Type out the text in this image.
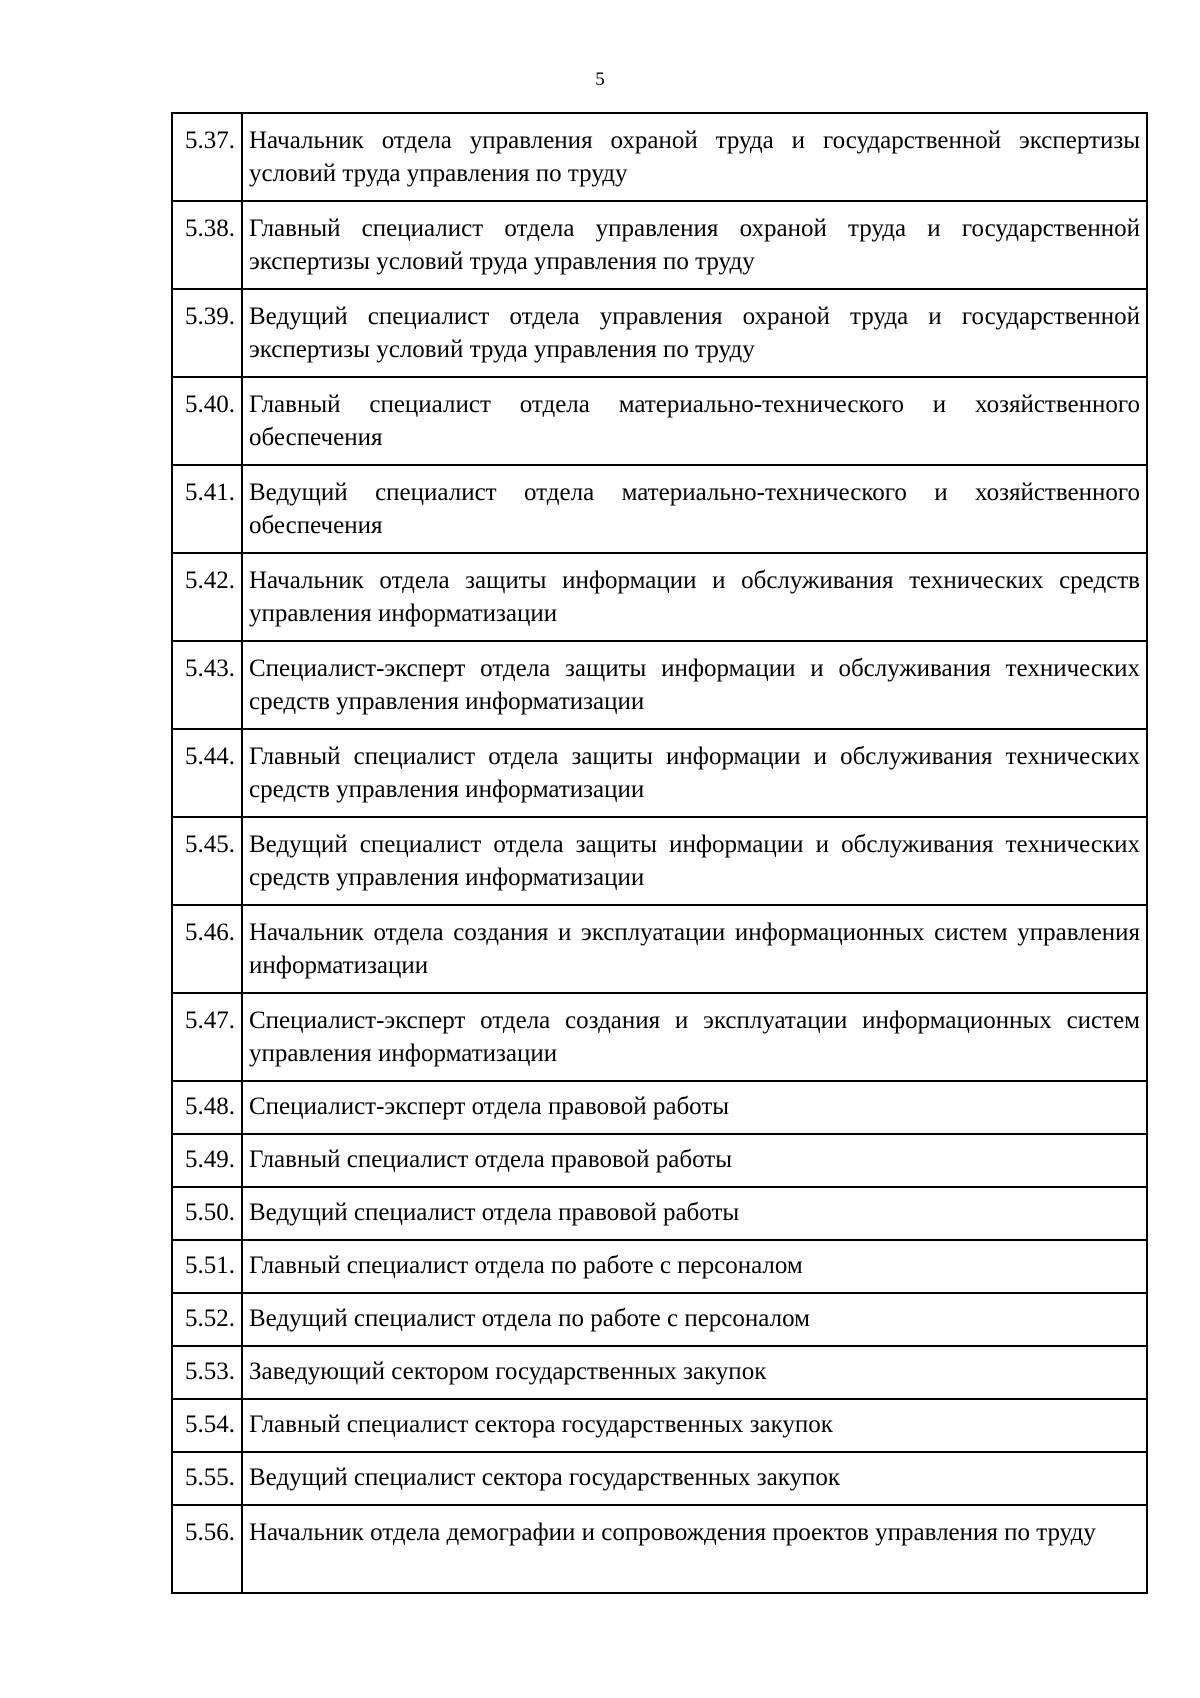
5
5.37.	Начальник отдела управления охраной труда и государственной экспертизы условий труда управления по труду
5.38.	Главный специалист отдела управления охраной труда и государственной экспертизы условий труда управления по труду
5.39.	Ведущий специалист отдела управления охраной труда и государственной экспертизы условий труда управления по труду
5.40.	Главный специалист отдела материально-технического и хозяйственного обеспечения
5.41.	Ведущий специалист отдела материально-технического и хозяйственного обеспечения
5.42.	Начальник отдела защиты информации и обслуживания технических средств управления информатизации
5.43.	Специалист-эксперт отдела защиты информации и обслуживания технических средств управления информатизации
5.44.	Главный специалист отдела защиты информации и обслуживания технических средств управления информатизации
5.45.	Ведущий специалист отдела защиты информации и обслуживания технических средств управления информатизации
5.46.	Начальник отдела создания и эксплуатации информационных систем управления информатизации
5.47.	Специалист-эксперт отдела создания и эксплуатации информационных систем управления информатизации
5.48.	Специалист-эксперт отдела правовой работы
5.49.	Главный специалист отдела правовой работы
5.50.	Ведущий специалист отдела правовой работы
5.51.	Главный специалист отдела по работе с персоналом
5.52.	Ведущий специалист отдела по работе с персоналом
5.53.	Заведующий сектором государственных закупок
5.54.	Главный специалист сектора государственных закупок
5.55.	Ведущий специалист сектора государственных закупок
5.56.	Начальник отдела демографии и сопровождения проектов управления по труду
